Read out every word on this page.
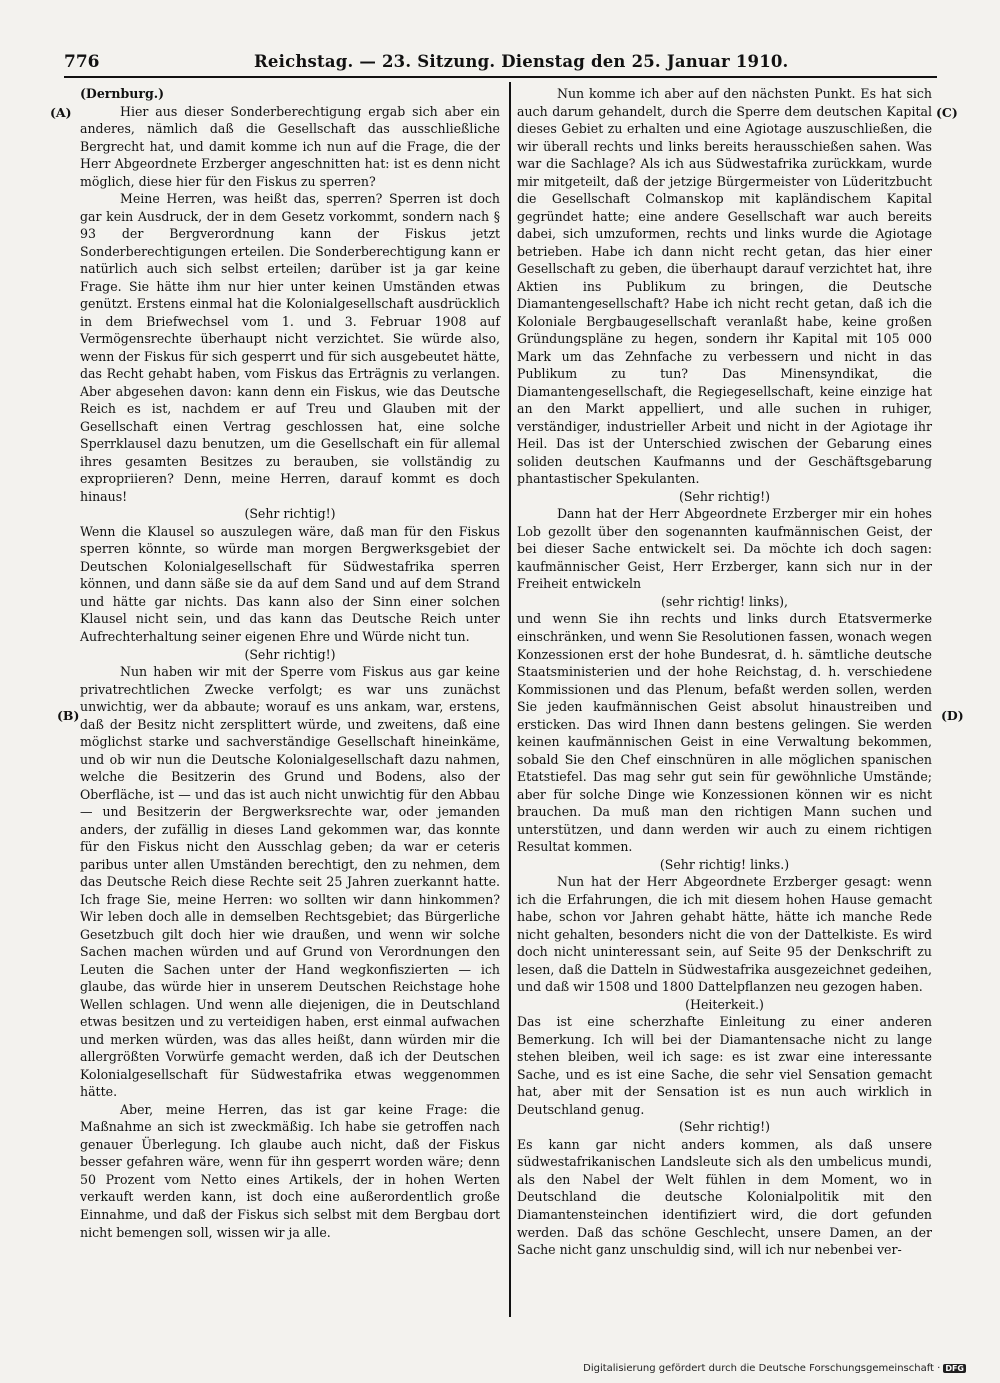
776	Reichstag. — 23. Sitzung. Dienstag den 25. Januar 1910.
(A)
(B)
(C)
(D)

(Dernburg.)

Hier aus dieser Sonderberechtigung ergab sich aber ein anderes, nämlich daß die Gesellschaft das ausschließliche Bergrecht hat, und damit komme ich nun auf die Frage, die der Herr Abgeordnete Erzberger angeschnitten hat: ist es denn nicht möglich, diese hier für den Fiskus zu sperren?

Meine Herren, was heißt das, sperren? Sperren ist doch gar kein Ausdruck, der in dem Gesetz vorkommt, sondern nach § 93 der Bergverordnung kann der Fiskus jetzt Sonderberechtigungen erteilen. Die Sonderberechtigung kann er natürlich auch sich selbst erteilen; darüber ist ja gar keine Frage. Sie hätte ihm nur hier unter keinen Umständen etwas genützt. Erstens einmal hat die Kolonialgesellschaft ausdrücklich in dem Briefwechsel vom 1. und 3. Februar 1908 auf Vermögensrechte überhaupt nicht verzichtet. Sie würde also, wenn der Fiskus für sich gesperrt und für sich ausgebeutet hätte, das Recht gehabt haben, vom Fiskus das Erträgnis zu verlangen. Aber abgesehen davon: kann denn ein Fiskus, wie das Deutsche Reich es ist, nachdem er auf Treu und Glauben mit der Gesellschaft einen Vertrag geschlossen hat, eine solche Sperrklausel dazu benutzen, um die Gesellschaft ein für allemal ihres gesamten Besitzes zu berauben, sie vollständig zu expropriieren? Denn, meine Herren, darauf kommt es doch hinaus!

(Sehr richtig!)

Wenn die Klausel so auszulegen wäre, daß man für den Fiskus sperren könnte, so würde man morgen Bergwerksgebiet der Deutschen Kolonialgesellschaft für Südwestafrika sperren können, und dann säße sie da auf dem Sand und auf dem Strand und hätte gar nichts. Das kann also der Sinn einer solchen Klausel nicht sein, und das kann das Deutsche Reich unter Aufrechterhaltung seiner eigenen Ehre und Würde nicht tun.

(Sehr richtig!)

Nun haben wir mit der Sperre vom Fiskus aus gar keine privatrechtlichen Zwecke verfolgt; es war uns zunächst unwichtig, wer da abbaute; worauf es uns ankam, war, erstens, daß der Besitz nicht zersplittert würde, und zweitens, daß eine möglichst starke und sachverständige Gesellschaft hineinkäme, und ob wir nun die Deutsche Kolonialgesellschaft dazu nahmen, welche die Besitzerin des Grund und Bodens, also der Oberfläche, ist — und das ist auch nicht unwichtig für den Abbau — und Besitzerin der Bergwerksrechte war, oder jemanden anders, der zufällig in dieses Land gekommen war, das konnte für den Fiskus nicht den Ausschlag geben; da war er ceteris paribus unter allen Umständen berechtigt, den zu nehmen, dem das Deutsche Reich diese Rechte seit 25 Jahren zuerkannt hatte. Ich frage Sie, meine Herren: wo sollten wir dann hinkommen? Wir leben doch alle in demselben Rechtsgebiet; das Bürgerliche Gesetzbuch gilt doch hier wie draußen, und wenn wir solche Sachen machen würden und auf Grund von Verordnungen den Leuten die Sachen unter der Hand wegkonfiszierten — ich glaube, das würde hier in unserem Deutschen Reichstage hohe Wellen schlagen. Und wenn alle diejenigen, die in Deutschland etwas besitzen und zu verteidigen haben, erst einmal aufwachen und merken würden, was das alles heißt, dann würden mir die allergrößten Vorwürfe gemacht werden, daß ich der Deutschen Kolonialgesellschaft für Südwestafrika etwas weggenommen hätte.

Aber, meine Herren, das ist gar keine Frage: die Maßnahme an sich ist zweckmäßig. Ich habe sie getroffen nach genauer Überlegung. Ich glaube auch nicht, daß der Fiskus besser gefahren wäre, wenn für ihn gesperrt worden wäre; denn 50 Prozent vom Netto eines Artikels, der in hohen Werten verkauft werden kann, ist doch eine außerordentlich große Einnahme, und daß der Fiskus sich selbst mit dem Bergbau dort nicht bemengen soll, wissen wir ja alle.

Nun komme ich aber auf den nächsten Punkt. Es hat sich auch darum gehandelt, durch die Sperre dem deutschen Kapital dieses Gebiet zu erhalten und eine Agiotage auszuschließen, die wir überall rechts und links bereits herausschießen sahen. Was war die Sachlage? Als ich aus Südwestafrika zurückkam, wurde mir mitgeteilt, daß der jetzige Bürgermeister von Lüderitzbucht die Gesellschaft Colmanskop mit kapländischem Kapital gegründet hatte; eine andere Gesellschaft war auch bereits dabei, sich umzuformen, rechts und links wurde die Agiotage betrieben. Habe ich dann nicht recht getan, das hier einer Gesellschaft zu geben, die überhaupt darauf verzichtet hat, ihre Aktien ins Publikum zu bringen, die Deutsche Diamantengesellschaft? Habe ich nicht recht getan, daß ich die Koloniale Bergbaugesellschaft veranlaßt habe, keine großen Gründungspläne zu hegen, sondern ihr Kapital mit 105 000 Mark um das Zehnfache zu verbessern und nicht in das Publikum zu tun? Das Minensyndikat, die Diamantengesellschaft, die Regiegesellschaft, keine einzige hat an den Markt appelliert, und alle suchen in ruhiger, verständiger, industrieller Arbeit und nicht in der Agiotage ihr Heil. Das ist der Unterschied zwischen der Gebarung eines soliden deutschen Kaufmanns und der Geschäftsgebarung phantastischer Spekulanten.

(Sehr richtig!)

Dann hat der Herr Abgeordnete Erzberger mir ein hohes Lob gezollt über den sogenannten kaufmännischen Geist, der bei dieser Sache entwickelt sei. Da möchte ich doch sagen: kaufmännischer Geist, Herr Erzberger, kann sich nur in der Freiheit entwickeln

(sehr richtig! links),

und wenn Sie ihn rechts und links durch Etatsvermerke einschränken, und wenn Sie Resolutionen fassen, wonach wegen Konzessionen erst der hohe Bundesrat, d. h. sämtliche deutsche Staatsministerien und der hohe Reichstag, d. h. verschiedene Kommissionen und das Plenum, befaßt werden sollen, werden Sie jeden kaufmännischen Geist absolut hinaustreiben und ersticken. Das wird Ihnen dann bestens gelingen. Sie werden keinen kaufmännischen Geist in eine Verwaltung bekommen, sobald Sie den Chef einschnüren in alle möglichen spanischen Etatstiefel. Das mag sehr gut sein für gewöhnliche Umstände; aber für solche Dinge wie Konzessionen können wir es nicht brauchen. Da muß man den richtigen Mann suchen und unterstützen, und dann werden wir auch zu einem richtigen Resultat kommen.

(Sehr richtig! links.)

Nun hat der Herr Abgeordnete Erzberger gesagt: wenn ich die Erfahrungen, die ich mit diesem hohen Hause gemacht habe, schon vor Jahren gehabt hätte, hätte ich manche Rede nicht gehalten, besonders nicht die von der Dattelkiste. Es wird doch nicht uninteressant sein, auf Seite 95 der Denkschrift zu lesen, daß die Datteln in Südwestafrika ausgezeichnet gedeihen, und daß wir 1508 und 1800 Dattelpflanzen neu gezogen haben.

(Heiterkeit.)

Das ist eine scherzhafte Einleitung zu einer anderen Bemerkung. Ich will bei der Diamantensache nicht zu lange stehen bleiben, weil ich sage: es ist zwar eine interessante Sache, und es ist eine Sache, die sehr viel Sensation gemacht hat, aber mit der Sensation ist es nun auch wirklich in Deutschland genug.

(Sehr richtig!)

Es kann gar nicht anders kommen, als daß unsere südwestafrikanischen Landsleute sich als den umbelicus mundi, als den Nabel der Welt fühlen in dem Moment, wo in Deutschland die deutsche Kolonialpolitik mit den Diamantensteinchen identifiziert wird, die dort gefunden werden. Daß das schöne Geschlecht, unsere Damen, an der Sache nicht ganz unschuldig sind, will ich nur nebenbei ver-

Digitalisierung gefördert durch die Deutsche Forschungsgemeinschaft · DFG
